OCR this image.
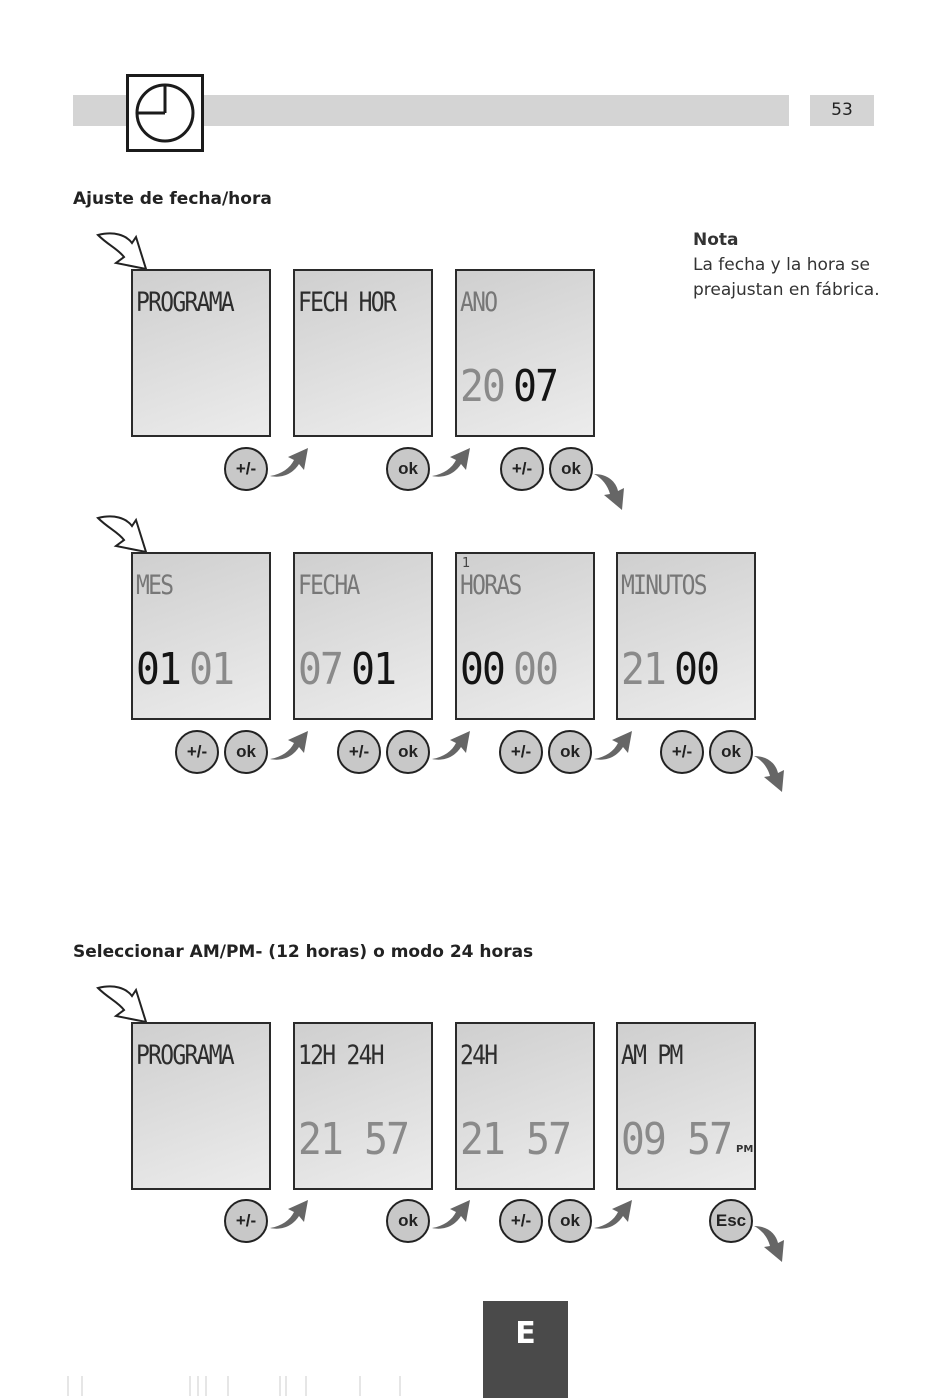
53
Ajuste de fecha/hora
Nota
La fecha y la hora se
preajustan en fábrica.
PROGRAMA FECH HOR ANO
20 07
+/-	ok	+/-	ok
MES
01 01
FECHA
07 01
1
HORAS
00 00
MINUTOS
21 00
+/-	ok	+/-	ok	+/-	ok	+/-	ok
Seleccionar AM/PM- (12 horas) o modo 24 horas
PROGRAMA 12H 24H
21 57
24H
21 57
AM PM
09 57 PM
+/-	ok	+/-	ok	Esc
E
